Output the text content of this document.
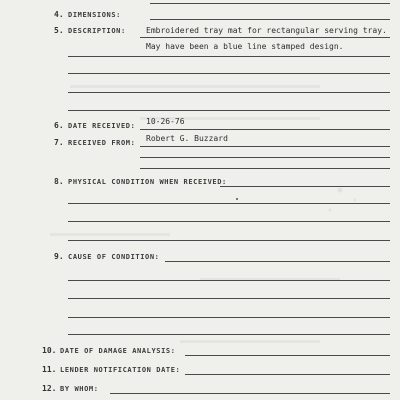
4. DIMENSIONS:
5. DESCRIPTION:	Embroidered tray mat for rectangular serving tray.
May have been a blue line stamped design.
6. DATE RECEIVED: 10-26-76
7. RECEIVED FROM: Robert G. Buzzard
8. PHYSICAL CONDITION WHEN RECEIVED:
9. CAUSE OF CONDITION:
10. DATE OF DAMAGE ANALYSIS:
11. LENDER NOTIFICATION DATE:
12. BY WHOM:
